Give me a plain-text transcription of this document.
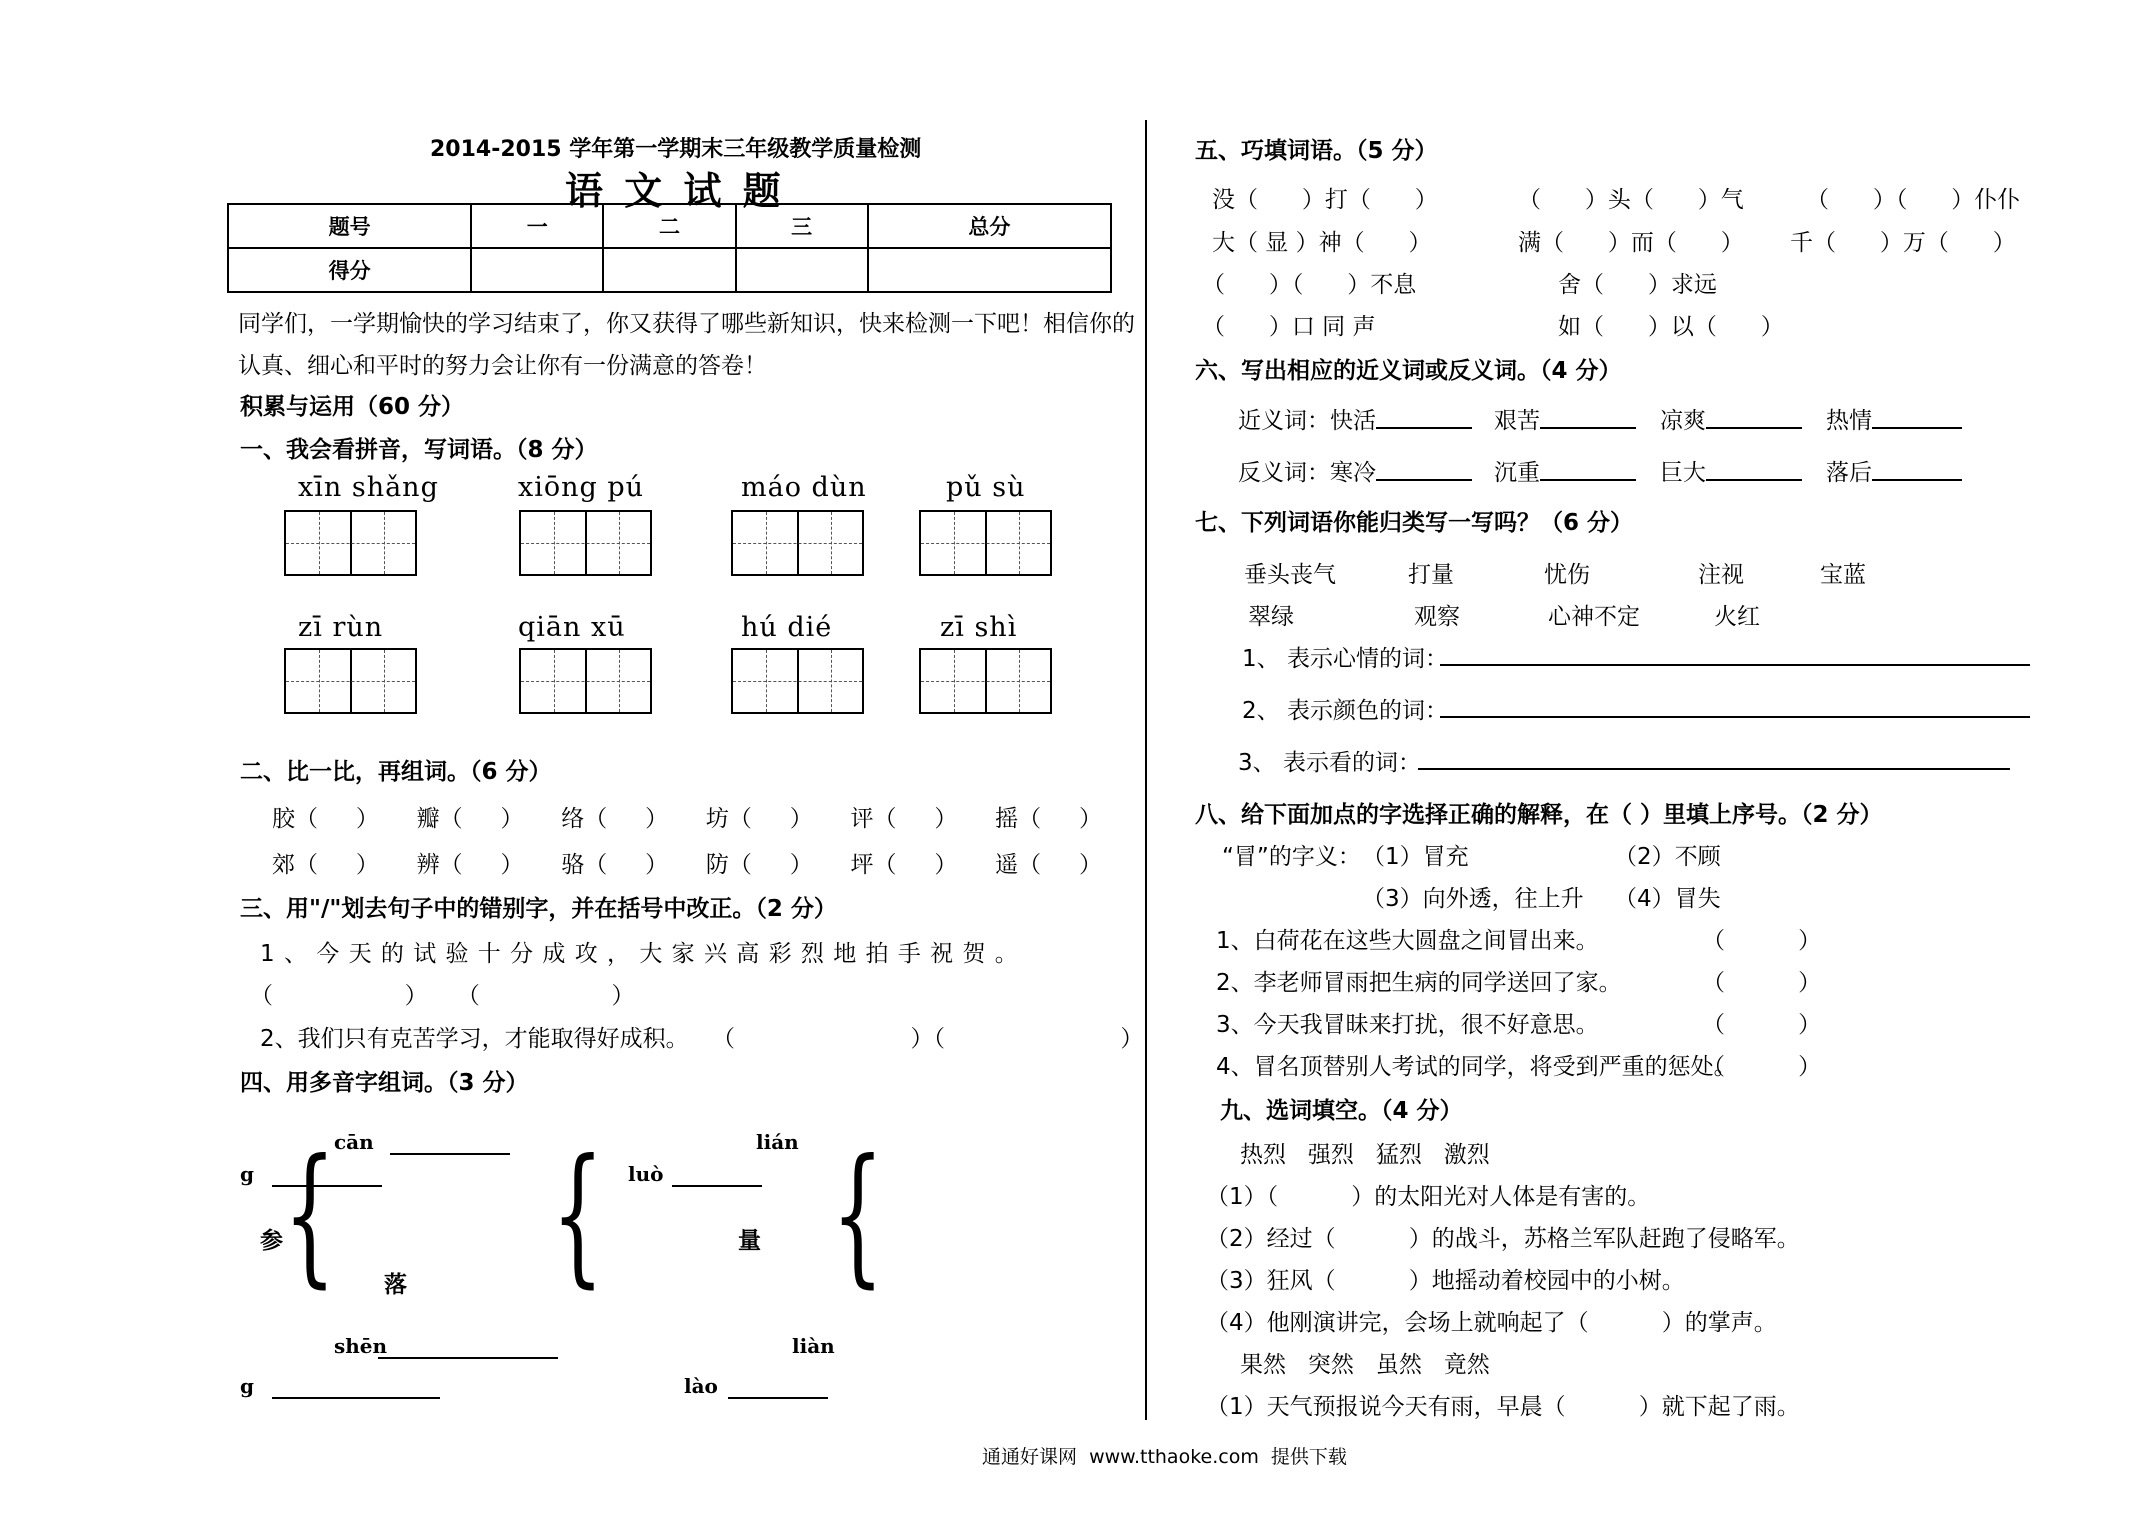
2014-2015 学年第一学期末三年级教学质量检测
语 文 试 题
题号	一	二	三	总分
得分				
同学们，一学期愉快的学习结束了，你又获得了哪些新知识，快来检测一下吧！相信你的
认真、细心和平时的努力会让你有一份满意的答卷！
积累与运用（60 分）
一、我会看拼音，写词语。（8 分）
xīn shǎng	xiōng pú	máo dùn	pǔ sù
zī rùn	qiān xū	hú dié	zī shì
二、比一比，再组词。（6 分）
胶（ ） 瓣（ ） 络（ ） 坊（ ） 评（ ） 摇（ ）
郊（ ） 辨（ ） 骆（ ） 防（ ） 坪（ ） 遥（ ）
三、用"/"划去句子中的错别字，并在括号中改正。（2 分）
1 、 今 天 的 试 验 十 分 成 攻 ， 大 家 兴 高 彩 烈 地 拍 手 祝 贺 。
（                  ）    （                  ）
2、我们只有克苦学习，才能取得好成积。 （                        ）（                        ）
四、用多音字组词。（3 分）
cān	lián
g	luò
{ { {
参	量
落
shēn	liàn
g	lào
五、巧填词语。（5 分）
没（      ）打（      ）	（      ）头（      ）气	（      ）（      ）仆仆
大（ 显 ）神（      ）	满（      ）而（      ） 千（      ）万（      ）
（      ）（      ）不息	舍（      ）求远
（      ）口 同 声	如（      ）以（      ）
六、写出相应的近义词或反义词。（4 分）
近义词： 快活	艰苦	凉爽	热情
反义词： 寒冷	沉重	巨大	落后
七、下列词语你能归类写一写吗？（6 分）
垂头丧气	打量	忧伤	注视	宝蓝
翠绿	观察	心神不定	火红
1、 表示心情的词：
2、 表示颜色的词：
3、 表示看的词：
八、给下面加点的字选择正确的解释，在（ ）里填上序号。（2 分）
“冒”的字义： （1）冒充	（2）不顾
（3）向外透，往上升 （4）冒失
1、白荷花在这些大圆盘之间冒出来。	（          ）
2、李老师冒雨把生病的同学送回了家。	（          ）
3、今天我冒昧来打扰，很不好意思。	（          ）
4、冒名顶替别人考试的同学，将受到严重的惩处。
（          ）
九、选词填空。（4 分）
热烈   强烈   猛烈   激烈
（1）（          ）的太阳光对人体是有害的。
（2）经过（          ）的战斗，苏格兰军队赶跑了侵略军。
（3）狂风（          ）地摇动着校园中的小树。
（4）他刚演讲完，会场上就响起了（          ）的掌声。
果然   突然   虽然   竟然
（1）天气预报说今天有雨，早晨（          ）就下起了雨。
通通好课网  www.tthaoke.com  提供下载
